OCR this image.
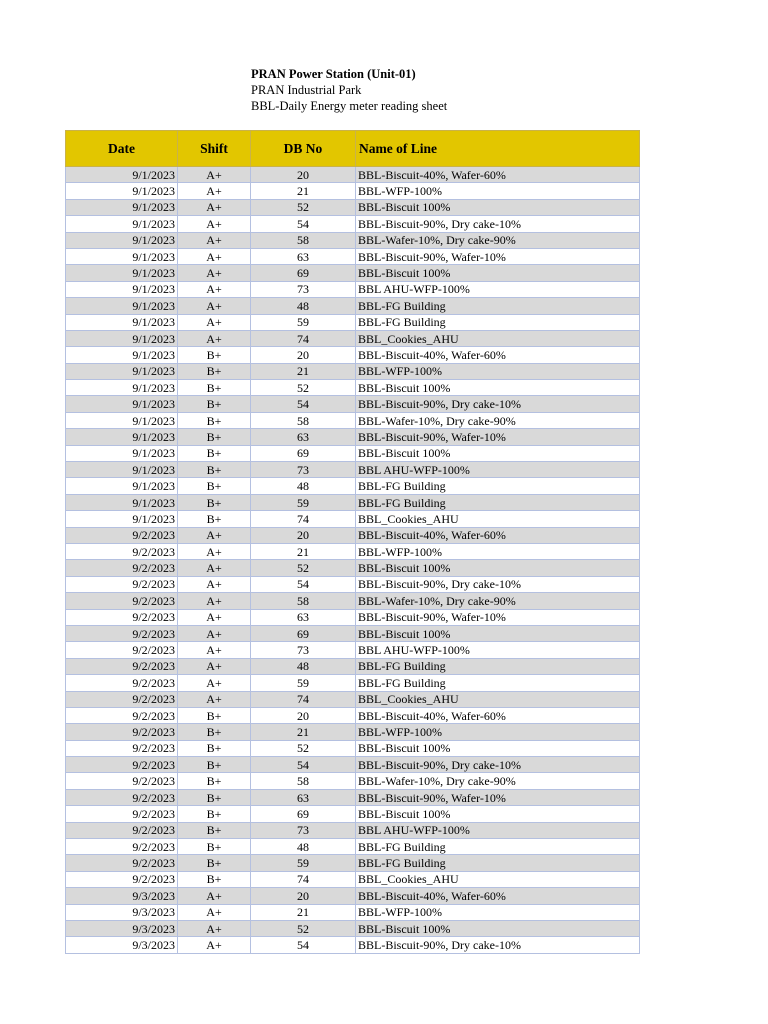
PRAN Power Station (Unit-01)
PRAN Industrial Park
BBL-Daily Energy meter reading sheet
Date	Shift	DB No	Name of Line
9/1/2023	A+	20	BBL-Biscuit-40%, Wafer-60%
9/1/2023	A+	21	BBL-WFP-100%
9/1/2023	A+	52	BBL-Biscuit 100%
9/1/2023	A+	54	BBL-Biscuit-90%, Dry cake-10%
9/1/2023	A+	58	BBL-Wafer-10%, Dry cake-90%
9/1/2023	A+	63	BBL-Biscuit-90%, Wafer-10%
9/1/2023	A+	69	BBL-Biscuit 100%
9/1/2023	A+	73	BBL AHU-WFP-100%
9/1/2023	A+	48	BBL-FG Building
9/1/2023	A+	59	BBL-FG Building
9/1/2023	A+	74	BBL_Cookies_AHU
9/1/2023	B+	20	BBL-Biscuit-40%, Wafer-60%
9/1/2023	B+	21	BBL-WFP-100%
9/1/2023	B+	52	BBL-Biscuit 100%
9/1/2023	B+	54	BBL-Biscuit-90%, Dry cake-10%
9/1/2023	B+	58	BBL-Wafer-10%, Dry cake-90%
9/1/2023	B+	63	BBL-Biscuit-90%, Wafer-10%
9/1/2023	B+	69	BBL-Biscuit 100%
9/1/2023	B+	73	BBL AHU-WFP-100%
9/1/2023	B+	48	BBL-FG Building
9/1/2023	B+	59	BBL-FG Building
9/1/2023	B+	74	BBL_Cookies_AHU
9/2/2023	A+	20	BBL-Biscuit-40%, Wafer-60%
9/2/2023	A+	21	BBL-WFP-100%
9/2/2023	A+	52	BBL-Biscuit 100%
9/2/2023	A+	54	BBL-Biscuit-90%, Dry cake-10%
9/2/2023	A+	58	BBL-Wafer-10%, Dry cake-90%
9/2/2023	A+	63	BBL-Biscuit-90%, Wafer-10%
9/2/2023	A+	69	BBL-Biscuit 100%
9/2/2023	A+	73	BBL AHU-WFP-100%
9/2/2023	A+	48	BBL-FG Building
9/2/2023	A+	59	BBL-FG Building
9/2/2023	A+	74	BBL_Cookies_AHU
9/2/2023	B+	20	BBL-Biscuit-40%, Wafer-60%
9/2/2023	B+	21	BBL-WFP-100%
9/2/2023	B+	52	BBL-Biscuit 100%
9/2/2023	B+	54	BBL-Biscuit-90%, Dry cake-10%
9/2/2023	B+	58	BBL-Wafer-10%, Dry cake-90%
9/2/2023	B+	63	BBL-Biscuit-90%, Wafer-10%
9/2/2023	B+	69	BBL-Biscuit 100%
9/2/2023	B+	73	BBL AHU-WFP-100%
9/2/2023	B+	48	BBL-FG Building
9/2/2023	B+	59	BBL-FG Building
9/2/2023	B+	74	BBL_Cookies_AHU
9/3/2023	A+	20	BBL-Biscuit-40%, Wafer-60%
9/3/2023	A+	21	BBL-WFP-100%
9/3/2023	A+	52	BBL-Biscuit 100%
9/3/2023	A+	54	BBL-Biscuit-90%, Dry cake-10%
